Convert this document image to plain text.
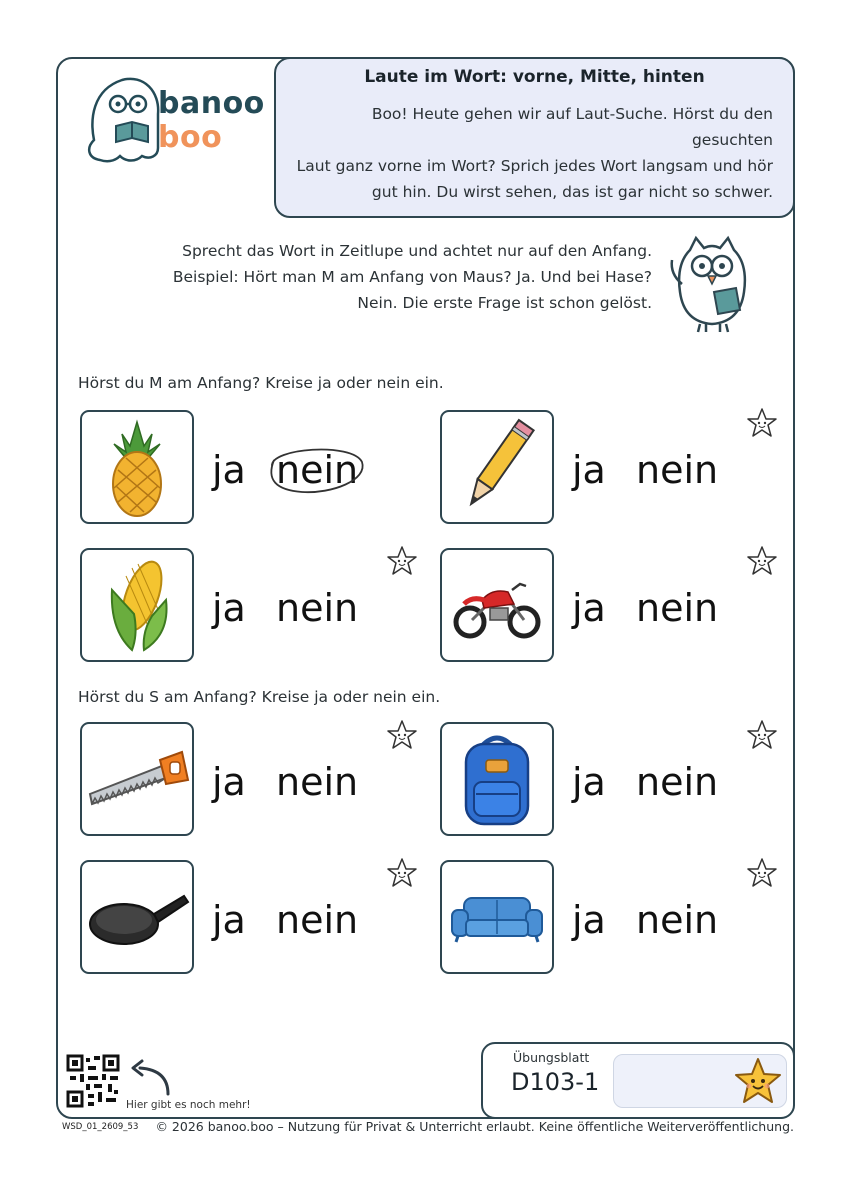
banoo
boo
Laute im Wort: vorne, Mitte, hinten
Boo! Heute gehen wir auf Laut-Suche. Hörst du den gesuchten
Laut ganz vorne im Wort? Sprich jedes Wort langsam und hör
gut hin. Du wirst sehen, das ist gar nicht so schwer.
Sprecht das Wort in Zeitlupe und achtet nur auf den Anfang.
Beispiel: Hört man M am Anfang von Maus? Ja. Und bei Hase?
Nein. Die erste Frage ist schon gelöst.
Hörst du M am Anfang? Kreise ja oder nein ein.
ja nein	ja nein
ja nein	ja nein
Hörst du S am Anfang? Kreise ja oder nein ein.
ja nein	ja nein
ja nein	ja nein
Hier gibt es noch mehr!
Übungsblatt
D103-1
WSD_01_2609_53 © 2026 banoo.boo – Nutzung für Privat & Unterricht erlaubt. Keine öffentliche Weiterveröffentlichung.
